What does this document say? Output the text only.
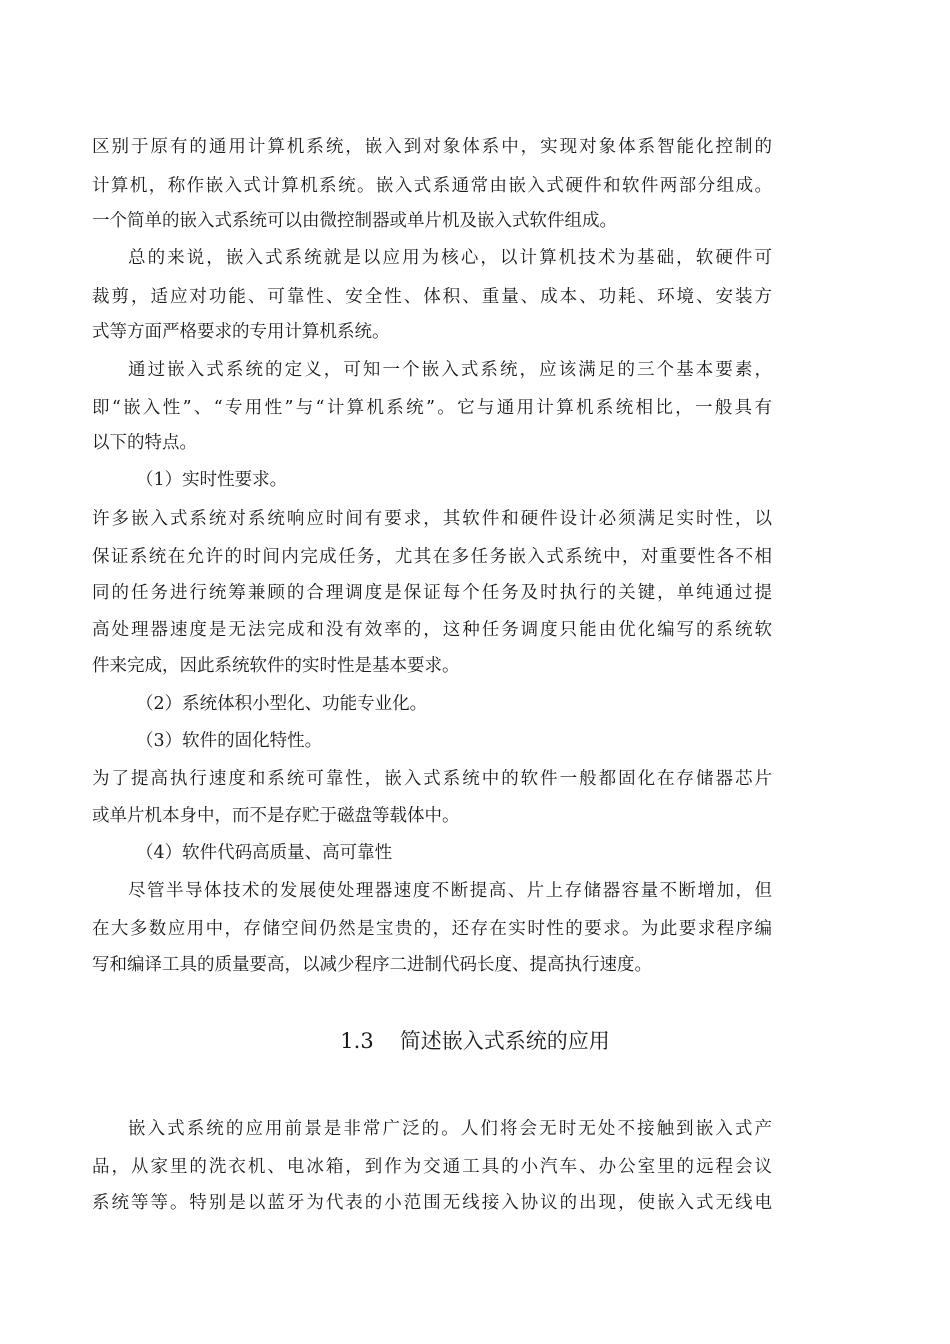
区别于原有的通用计算机系统，嵌入到对象体系中，实现对象体系智能化控制的
计算机，称作嵌入式计算机系统。嵌入式系通常由嵌入式硬件和软件两部分组成。
一个简单的嵌入式系统可以由微控制器或单片机及嵌入式软件组成。
总的来说，嵌入式系统就是以应用为核心，以计算机技术为基础，软硬件可
裁剪，适应对功能、可靠性、安全性、体积、重量、成本、功耗、环境、安装方
式等方面严格要求的专用计算机系统。
通过嵌入式系统的定义，可知一个嵌入式系统，应该满足的三个基本要素，
即“嵌入性”、“专用性”与“计算机系统”。它与通用计算机系统相比，一般具有
以下的特点。
（1）实时性要求。
许多嵌入式系统对系统响应时间有要求，其软件和硬件设计必须满足实时性，以
保证系统在允许的时间内完成任务，尤其在多任务嵌入式系统中，对重要性各不相
同的任务进行统筹兼顾的合理调度是保证每个任务及时执行的关键，单纯通过提
高处理器速度是无法完成和没有效率的，这种任务调度只能由优化编写的系统软
件来完成，因此系统软件的实时性是基本要求。
（2）系统体积小型化、功能专业化。
（3）软件的固化特性。
为了提高执行速度和系统可靠性，嵌入式系统中的软件一般都固化在存储器芯片
或单片机本身中，而不是存贮于磁盘等载体中。
（4）软件代码高质量、高可靠性
尽管半导体技术的发展使处理器速度不断提高、片上存储器容量不断增加，但
在大多数应用中，存储空间仍然是宝贵的，还存在实时性的要求。为此要求程序编
写和编译工具的质量要高，以减少程序二进制代码长度、提高执行速度。
1.3 简述嵌入式系统的应用
嵌入式系统的应用前景是非常广泛的。人们将会无时无处不接触到嵌入式产
品，从家里的洗衣机、电冰箱，到作为交通工具的小汽车、办公室里的远程会议
系统等等。特别是以蓝牙为代表的小范围无线接入协议的出现，使嵌入式无线电
